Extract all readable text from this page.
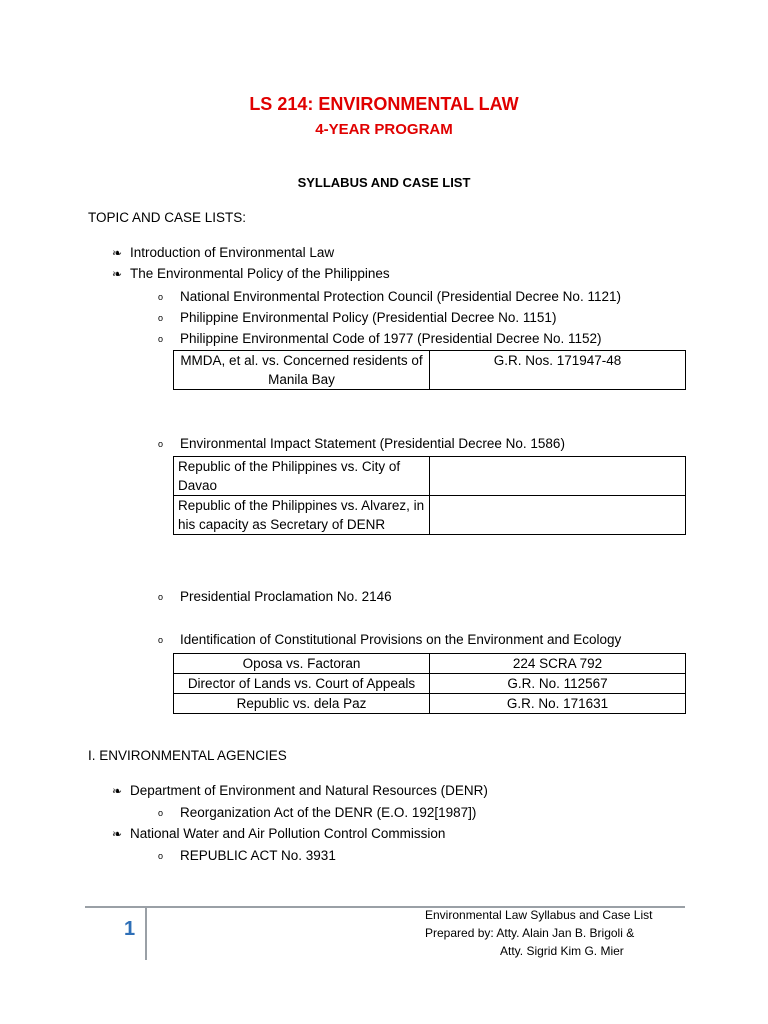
LS 214: ENVIRONMENTAL LAW
4-YEAR PROGRAM
SYLLABUS AND CASE LIST
TOPIC AND CASE LISTS:
❧ Introduction of Environmental Law
❧ The Environmental Policy of the Philippines
o National Environmental Protection Council (Presidential Decree No. 1121)
o Philippine Environmental Policy (Presidential Decree No. 1151)
o Philippine Environmental Code of 1977 (Presidential Decree No. 1152)
MMDA, et al. vs. Concerned residents of Manila Bay	G.R. Nos. 171947-48
o Environmental Impact Statement (Presidential Decree No. 1586)
Republic of the Philippines vs. City of Davao	
Republic of the Philippines vs. Alvarez, in his capacity as Secretary of DENR	
o Presidential Proclamation No. 2146
o Identification of Constitutional Provisions on the Environment and Ecology
Oposa vs. Factoran	224 SCRA 792
Director of Lands vs. Court of Appeals	G.R. No. 112567
Republic vs. dela Paz	G.R. No. 171631
I. ENVIRONMENTAL AGENCIES
❧ Department of Environment and Natural Resources (DENR)
o Reorganization Act of the DENR (E.O. 192[1987])
❧ National Water and Air Pollution Control Commission
o REPUBLIC ACT No. 3931
1
Environmental Law Syllabus and Case List
Prepared by: Atty. Alain Jan B. Brigoli &
Atty. Sigrid Kim G. Mier
